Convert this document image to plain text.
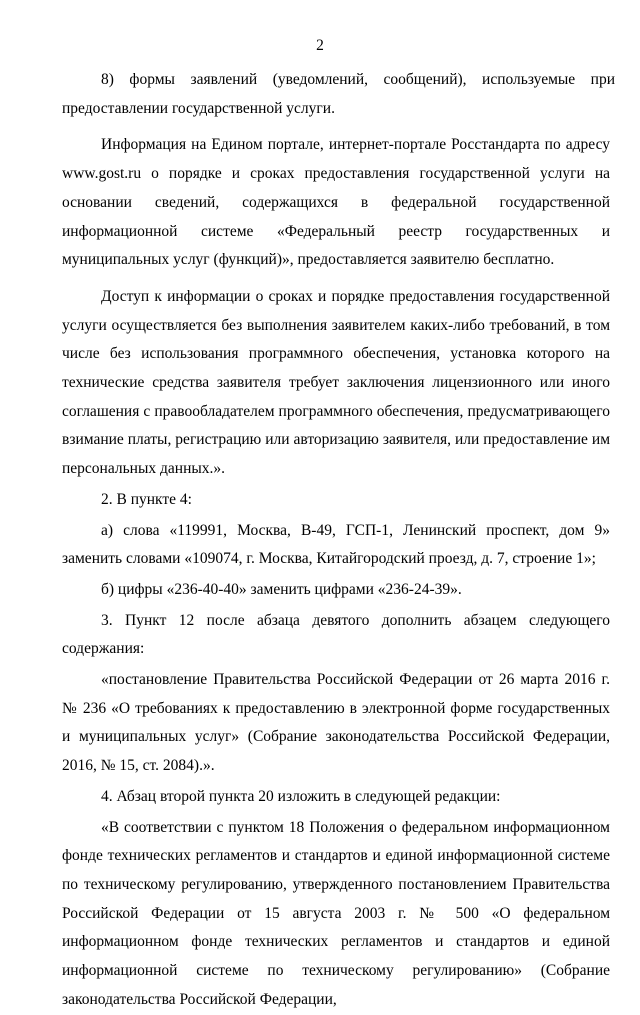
2

8)    формы    заявлений    (уведомлений,    сообщений),    используемые    при предоставлении государственной услуги.

Информация на Едином портале, интернет-портале Росстандарта по адресу www.gost.ru о порядке и сроках предоставления государственной услуги на основании сведений, содержащихся в федеральной государственной информационной системе «Федеральный реестр государственных и муниципальных услуг (функций)», предоставляется заявителю бесплатно.

Доступ к информации о сроках и порядке предоставления государственной услуги осуществляется без выполнения заявителем каких-либо требований, в том числе без использования программного обеспечения, установка которого на технические средства заявителя требует заключения лицензионного или иного соглашения с правообладателем программного обеспечения, предусматривающего взимание платы, регистрацию или авторизацию заявителя, или предоставление им персональных данных.».

2. В пункте 4:

а) слова «119991, Москва, В-49, ГСП-1, Ленинский проспект, дом 9» заменить словами «109074, г. Москва, Китайгородский проезд, д. 7, строение 1»;

б) цифры «236-40-40» заменить цифрами «236-24-39».

3. Пункт 12 после абзаца девятого дополнить абзацем следующего содержания:

«постановление Правительства Российской Федерации от 26 марта 2016 г. № 236 «О требованиях к предоставлению в электронной форме государственных и муниципальных услуг» (Собрание законодательства Российской Федерации, 2016, № 15, ст. 2084).».

4. Абзац второй пункта 20 изложить в следующей редакции:

«В соответствии с пунктом 18 Положения о федеральном информационном фонде технических регламентов и стандартов и единой информационной системе по техническому регулированию, утвержденного постановлением Правительства Российской Федерации от 15 августа 2003 г. № 500 «О федеральном информационном фонде технических регламентов и стандартов и единой информационной системе по техническому регулированию» (Собрание законодательства Российской Федерации,
